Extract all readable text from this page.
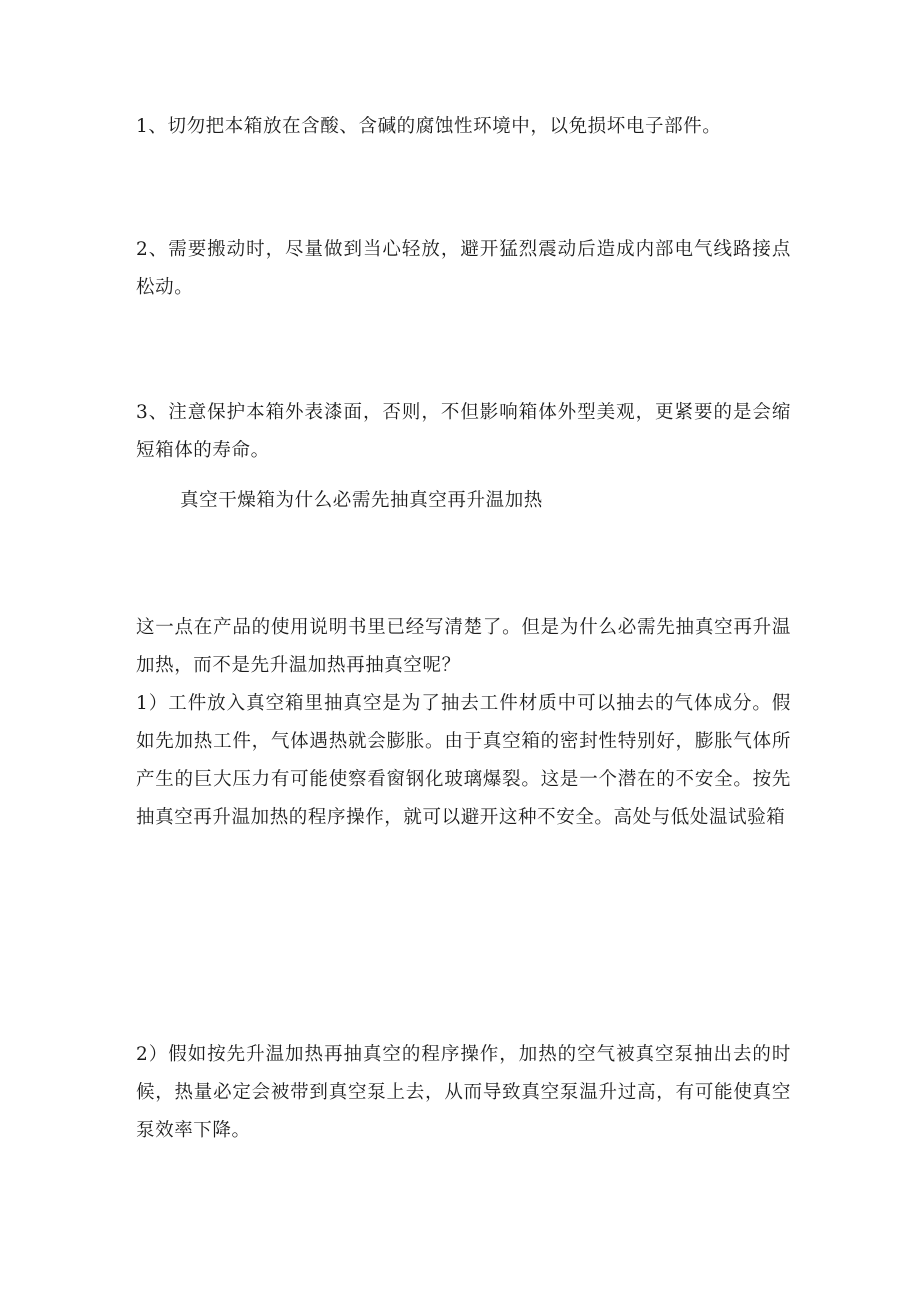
1、切勿把本箱放在含酸、含碱的腐蚀性环境中，以免损坏电子部件。

2、需要搬动时，尽量做到当心轻放，避开猛烈震动后造成内部电气线路接点松动。

3、注意保护本箱外表漆面，否则，不但影响箱体外型美观，更紧要的是会缩短箱体的寿命。

真空干燥箱为什么必需先抽真空再升温加热
这一点在产品的使用说明书里已经写清楚了。但是为什么必需先抽真空再升温加热，而不是先升温加热再抽真空呢？
1）工件放入真空箱里抽真空是为了抽去工件材质中可以抽去的气体成分。假如先加热工件，气体遇热就会膨胀。由于真空箱的密封性特别好，膨胀气体所产生的巨大压力有可能使察看窗钢化玻璃爆裂。这是一个潜在的不安全。按先抽真空再升温加热的程序操作，就可以避开这种不安全。高处与低处温试验箱

2）假如按先升温加热再抽真空的程序操作，加热的空气被真空泵抽出去的时候，热量必定会被带到真空泵上去，从而导致真空泵温升过高，有可能使真空泵效率下降。
